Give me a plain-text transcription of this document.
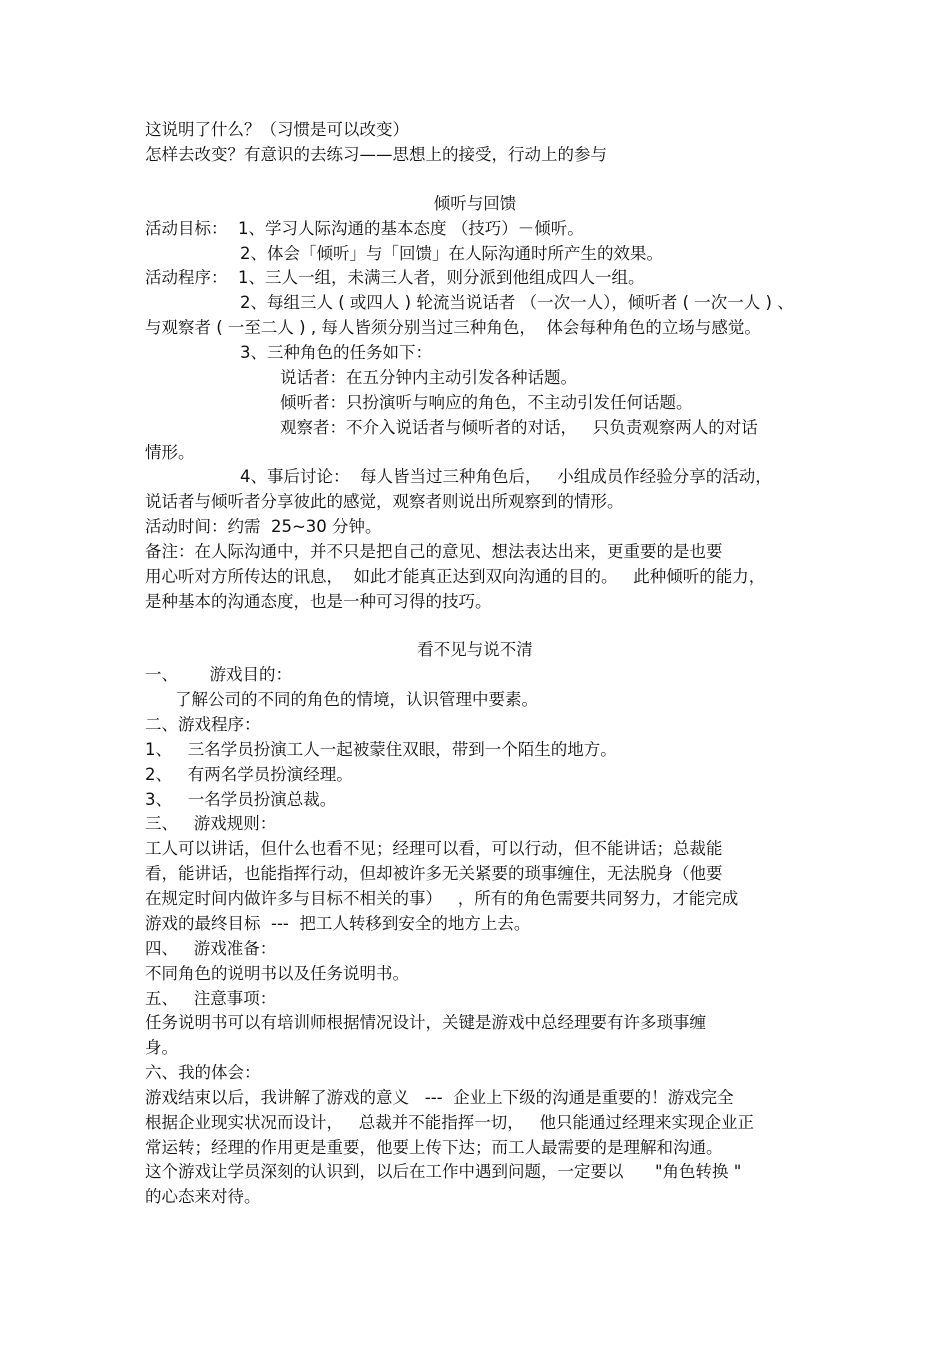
这说明了什么？（习惯是可以改变）
怎样去改变？有意识的去练习——思想上的接受，行动上的参与
倾听与回馈
活动目标：  1、学习人际沟通的基本态度 （技巧）－倾听。
2、体会「倾听」与「回馈」在人际沟通时所产生的效果。
活动程序：  1、三人一组，未满三人者，则分派到他组成四人一组。
2、每组三人 ( 或四人 ) 轮流当说话者 （一次一人），倾听者 ( 一次一人 ) 、
与观察者 ( 一至二人 ) , 每人皆须分别当过三种角色，  体会每种角色的立场与感觉。
3、三种角色的任务如下：
说话者：在五分钟内主动引发各种话题。
倾听者：只扮演听与响应的角色，不主动引发任何话题。
观察者：不介入说话者与倾听者的对话，   只负责观察两人的对话
情形。
4、事后讨论：  每人皆当过三种角色后，   小组成员作经验分享的活动，
说话者与倾听者分享彼此的感觉，观察者则说出所观察到的情形。
活动时间：约需  25~30 分钟。
备注：在人际沟通中，并不只是把自己的意见、想法表达出来，更重要的是也要
用心听对方所传达的讯息，  如此才能真正达到双向沟通的目的。   此种倾听的能力，
是种基本的沟通态度，也是一种可习得的技巧。
看不见与说不清
一、      游戏目的：
了解公司的不同的角色的情境，认识管理中要素。
二、游戏程序：
1、   三名学员扮演工人一起被蒙住双眼，带到一个陌生的地方。
2、   有两名学员扮演经理。
3、   一名学员扮演总裁。
三、   游戏规则：
工人可以讲话，但什么也看不见；经理可以看，可以行动，但不能讲话；总裁能
看，能讲话，也能指挥行动，但却被许多无关紧要的琐事缠住，无法脱身（他要
在规定时间内做许多与目标不相关的事）   ，所有的角色需要共同努力，才能完成
游戏的最终目标  ---  把工人转移到安全的地方上去。
四、   游戏准备：
不同角色的说明书以及任务说明书。
五、   注意事项：
任务说明书可以有培训师根据情况设计，关键是游戏中总经理要有许多琐事缠
身。
六、我的体会：
游戏结束以后，我讲解了游戏的意义   ---  企业上下级的沟通是重要的！游戏完全
根据企业现实状况而设计，   总裁并不能指挥一切，   他只能通过经理来实现企业正
常运转；经理的作用更是重要，他要上传下达；而工人最需要的是理解和沟通。
这个游戏让学员深刻的认识到，以后在工作中遇到问题，一定要以      "角色转换 "
的心态来对待。
